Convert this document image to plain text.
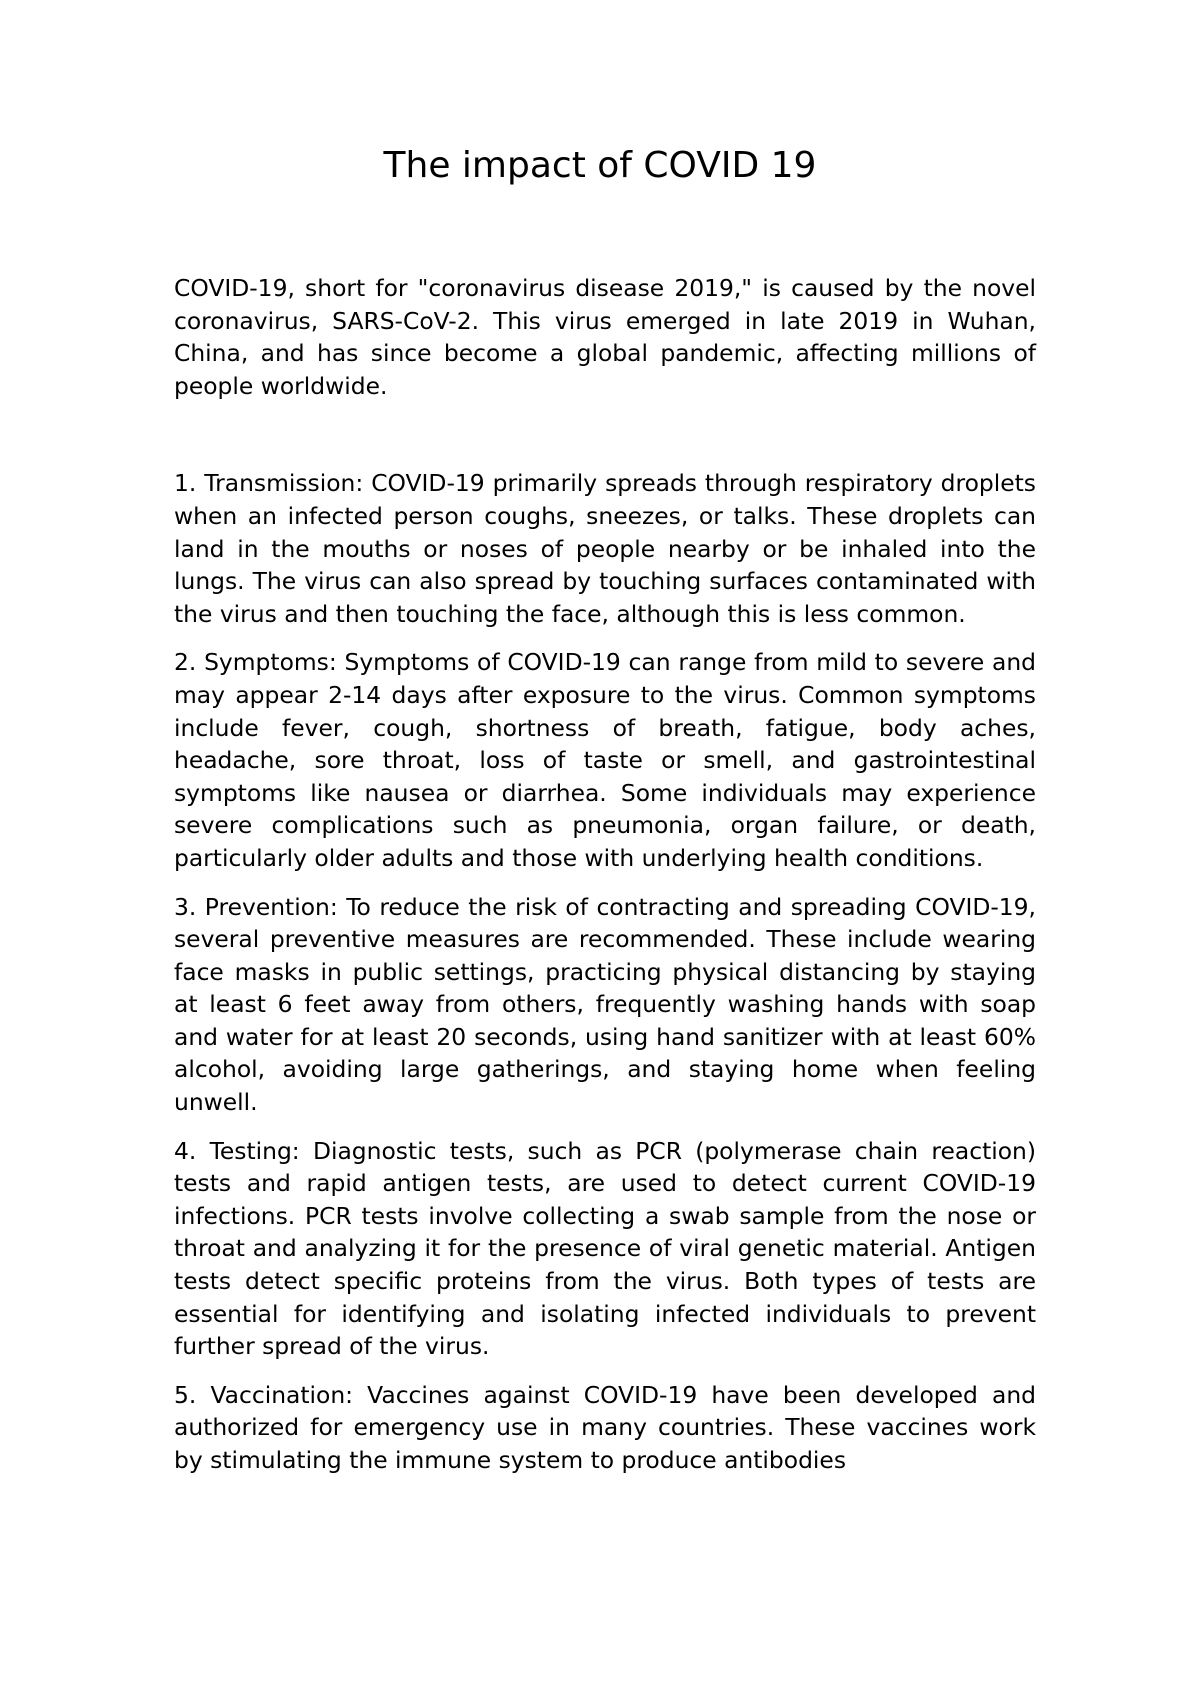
The impact of COVID 19

COVID-19, short for "coronavirus disease 2019," is caused by the novel coronavirus, SARS-CoV-2. This virus emerged in late 2019 in Wuhan, China, and has since become a global pandemic, affecting millions of people worldwide.

1. Transmission: COVID-19 primarily spreads through respiratory droplets when an infected person coughs, sneezes, or talks. These droplets can land in the mouths or noses of people nearby or be inhaled into the lungs. The virus can also spread by touching surfaces contaminated with the virus and then touching the face, although this is less common.

2. Symptoms: Symptoms of COVID-19 can range from mild to severe and may appear 2-14 days after exposure to the virus. Common symptoms include fever, cough, shortness of breath, fatigue, body aches, headache, sore throat, loss of taste or smell, and gastrointestinal symptoms like nausea or diarrhea. Some individuals may experience severe complications such as pneumonia, organ failure, or death, particularly older adults and those with underlying health conditions.

3. Prevention: To reduce the risk of contracting and spreading COVID-19, several preventive measures are recommended. These include wearing face masks in public settings, practicing physical distancing by staying at least 6 feet away from others, frequently washing hands with soap and water for at least 20 seconds, using hand sanitizer with at least 60% alcohol, avoiding large gatherings, and staying home when feeling unwell.

4. Testing: Diagnostic tests, such as PCR (polymerase chain reaction) tests and rapid antigen tests, are used to detect current COVID-19 infections. PCR tests involve collecting a swab sample from the nose or throat and analyzing it for the presence of viral genetic material. Antigen tests detect specific proteins from the virus. Both types of tests are essential for identifying and isolating infected individuals to prevent further spread of the virus.

5. Vaccination: Vaccines against COVID-19 have been developed and authorized for emergency use in many countries. These vaccines work by stimulating the immune system to produce antibodies
